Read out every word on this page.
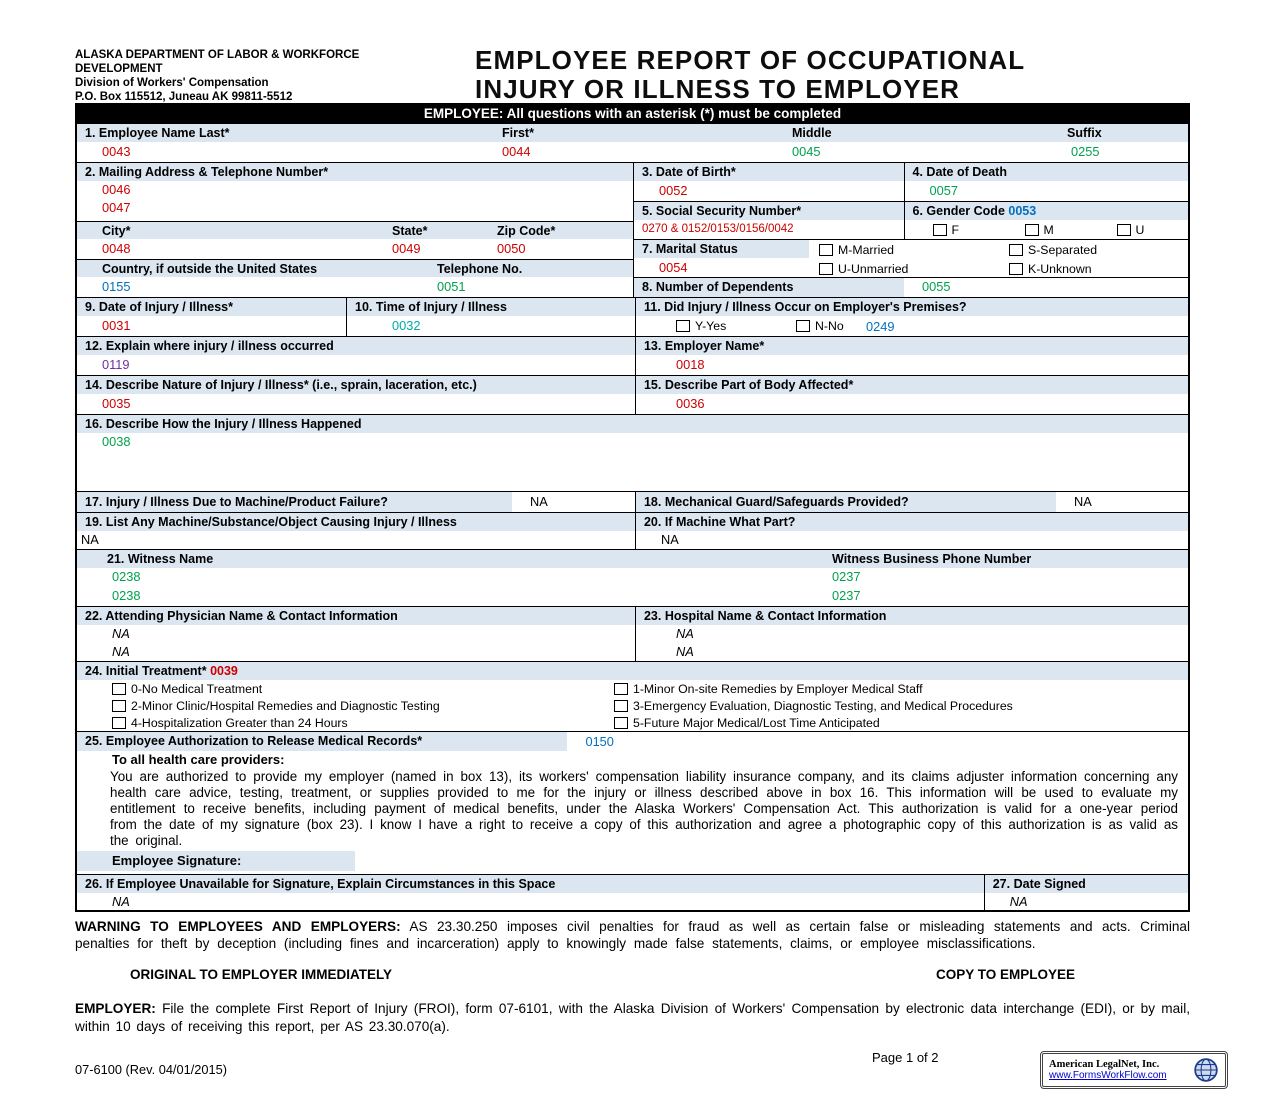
ALASKA DEPARTMENT OF LABOR & WORKFORCE
DEVELOPMENT
Division of Workers' Compensation
P.O. Box 115512, Juneau AK 99811-5512
EMPLOYEE REPORT OF OCCUPATIONAL
INJURY OR ILLNESS TO EMPLOYER
EMPLOYEE: All questions with an asterisk (*) must be completed
1. Employee Name Last*	First*	Middle	Suffix
0043	0044	0045	0255
2. Mailing Address & Telephone Number*
0046
0047
City*	State*	Zip Code*
0048	0049	0050
Country, if outside the United States	Telephone No.
0155	0051
3. Date of Birth*
0052
4. Date of Death
0057
5. Social Security Number*
0270 & 0152/0153/0156/0042
6. Gender Code 0053
F	M	U
7. Marital Status
0054
M-Married	S-Separated
U-Unmarried	K-Unknown
8. Number of Dependents	0055
9. Date of Injury / Illness*
0031
10. Time of Injury / Illness
0032
11. Did Injury / Illness Occur on Employer's Premises?
Y-Yes	N-No 0249
12. Explain where injury / illness occurred
0119
13. Employer Name*
0018
14. Describe Nature of Injury / Illness* (i.e., sprain, laceration, etc.)
0035
15. Describe Part of Body Affected*
0036
16. Describe How the Injury / Illness Happened
0038
17. Injury / Illness Due to Machine/Product Failure?	NA	18. Mechanical Guard/Safeguards Provided?	NA
19. List Any Machine/Substance/Object Causing Injury / Illness
NA
20. If Machine What Part?
NA
21. Witness Name	Witness Business Phone Number
0238	0237
0238	0237
22. Attending Physician Name & Contact Information
NA
NA
23. Hospital Name & Contact Information
NA
NA
24. Initial Treatment* 0039
0-No Medical Treatment	1-Minor On-site Remedies by Employer Medical Staff
2-Minor Clinic/Hospital Remedies and Diagnostic Testing	3-Emergency Evaluation, Diagnostic Testing, and Medical Procedures
4-Hospitalization Greater than 24 Hours	5-Future Major Medical/Lost Time Anticipated
25. Employee Authorization to Release Medical Records*	0150
To all health care providers:
You are authorized to provide my employer (named in box 13), its workers' compensation liability insurance company, and its claims adjuster information concerning any health care advice, testing, treatment, or supplies provided to me for the injury or illness described above in box 16. This information will be used to evaluate my entitlement to receive benefits, including payment of medical benefits, under the Alaska Workers' Compensation Act. This authorization is valid for a one-year period from the date of my signature (box 23). I know I have a right to receive a copy of this authorization and agree a photographic copy of this authorization is as valid as the original.
Employee Signature:
26. If Employee Unavailable for Signature, Explain Circumstances in this Space
NA
27. Date Signed
NA
WARNING TO EMPLOYEES AND EMPLOYERS: AS 23.30.250 imposes civil penalties for fraud as well as certain false or misleading statements and acts. Criminal penalties for theft by deception (including fines and incarceration) apply to knowingly made false statements, claims, or employee misclassifications.
ORIGINAL TO EMPLOYER IMMEDIATELY	COPY TO EMPLOYEE
EMPLOYER: File the complete First Report of Injury (FROI), form 07-6101, with the Alaska Division of Workers' Compensation by electronic data interchange (EDI), or by mail, within 10 days of receiving this report, per AS 23.30.070(a).
07-6100 (Rev. 04/01/2015)
Page 1 of 2	American LegalNet, Inc.
www.FormsWorkFlow.com
